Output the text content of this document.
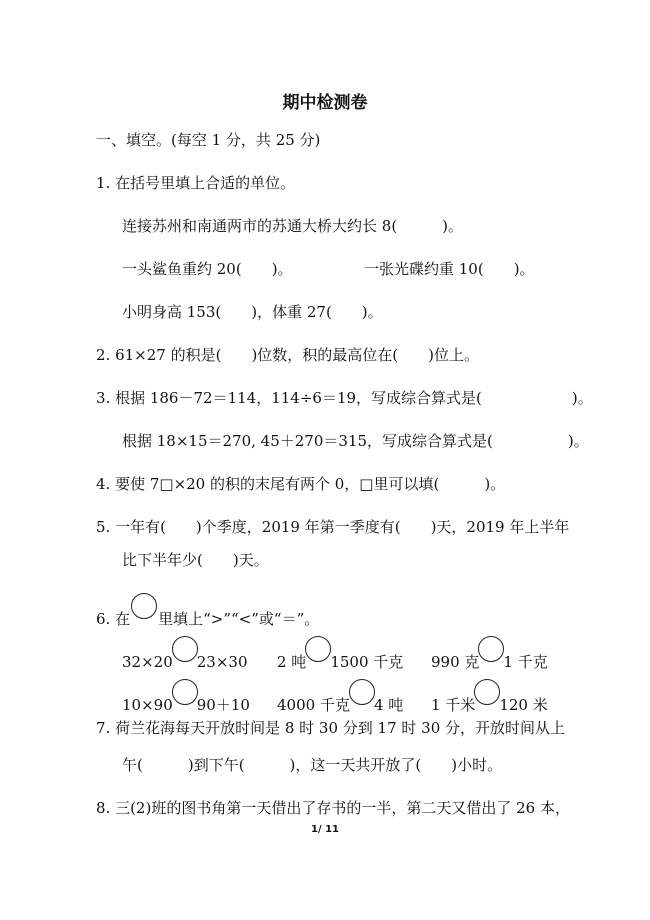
期中检测卷
一、填空。(每空 1 分，共 25 分)
1. 在括号里填上合适的单位。
连接苏州和南通两市的苏通大桥大约长 8(　　　)。
一头鲨鱼重约 20(　　)。	一张光碟约重 10(　　)。
小明身高 153(　　)，体重 27(　　)。
2. 61×27 的积是(　　)位数，积的最高位在(　　)位上。
3. 根据 186－72＝114，114÷6＝19，写成综合算式是(　　　　　　)。
根据 18×15＝270, 45＋270＝315，写成综合算式是(　　　　　)。
4. 要使 7□×20 的积的末尾有两个 0，□里可以填(　　　)。
5. 一年有(　　)个季度，2019 年第一季度有(　　)天，2019 年上半年
比下半年少(　　)天。
6. 在 里填上“>”“<”或“＝”。
32×20 23×30 2 吨 1500 千克 990 克 1 千克
10×90 90＋10 4000 千克 4 吨 1 千米 120 米
7. 荷兰花海每天开放时间是 8 时 30 分到 17 时 30 分，开放时间从上
午(　　　)到下午(　　　)，这一天共开放了(　　)小时。
8. 三(2)班的图书角第一天借出了存书的一半，第二天又借出了 26 本，
1/ 11
